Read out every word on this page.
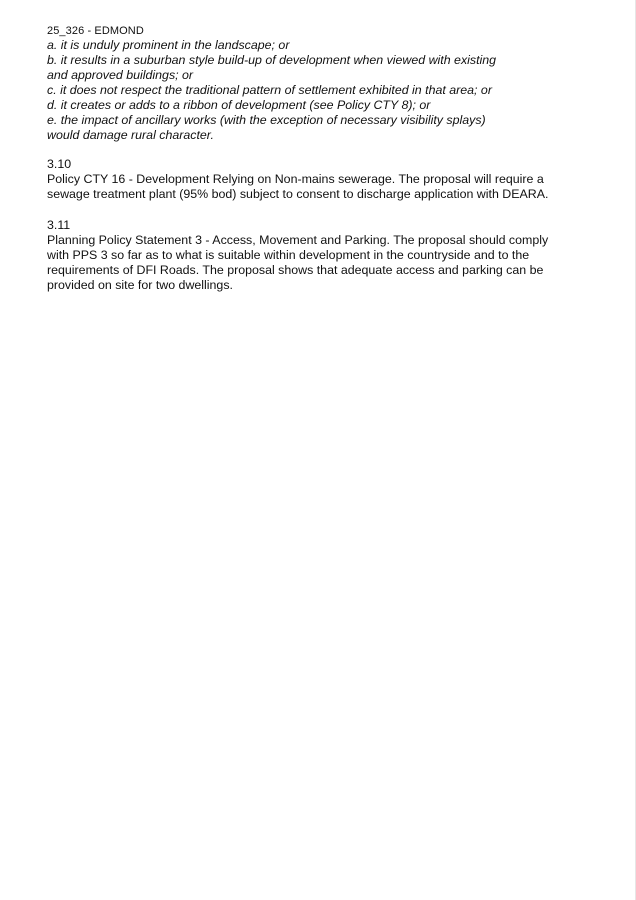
25_326 - EDMOND
a. it is unduly prominent in the landscape; or
b. it results in a suburban style build-up of development when viewed with existing
and approved buildings; or
c. it does not respect the traditional pattern of settlement exhibited in that area; or
d. it creates or adds to a ribbon of development (see Policy CTY 8); or
e. the impact of ancillary works (with the exception of necessary visibility splays)
would damage rural character.
3.10
Policy CTY 16 - Development Relying on Non-mains sewerage. The proposal will require a
sewage treatment plant (95% bod) subject to consent to discharge application with DEARA.
3.11
Planning Policy Statement 3 - Access, Movement and Parking. The proposal should comply
with PPS 3 so far as to what is suitable within development in the countryside and to the
requirements of DFI Roads. The proposal shows that adequate access and parking can be
provided on site for two dwellings.
